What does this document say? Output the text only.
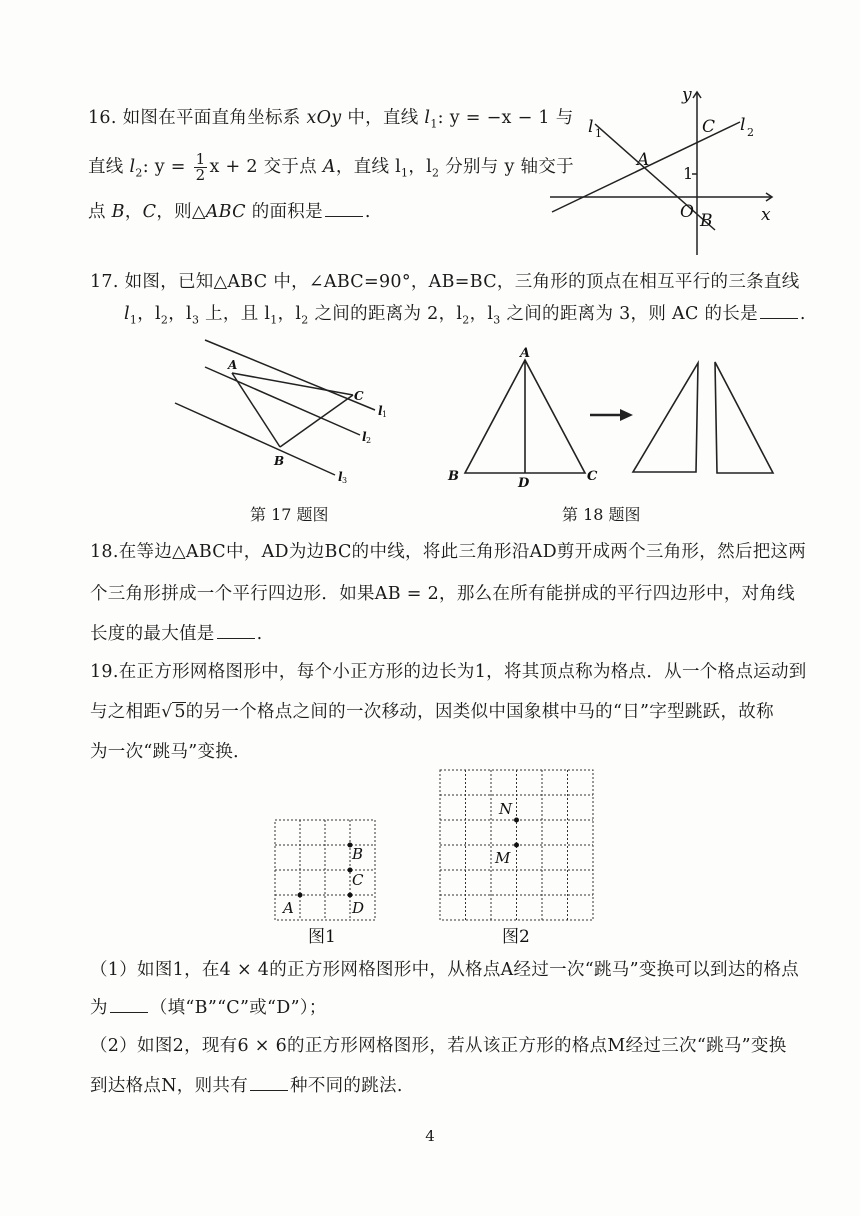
16. 如图在平面直角坐标系 xOy 中，直线 $l_1$: y = −x − 1 与
直线 $l_2$: $y = \frac{1}{2}$ x + 2 交于点 A，直线 $l_1$，$l_2$ 分别与 y 轴交于
点 B，C，则△ABC 的面积是 .
y
x
C l
l
A
O B
2
1
1
17. 如图，已知△ABC 中，∠ABC=90°，AB=BC，三角形的顶点在相互平行的三条直线
$l_1$，$l_2$，$l_3$ 上，且 $l_1$，$l_2$ 之间的距离为 2，$l_2$，$l_3$ 之间的距离为 3，则 AC 的长是 .
A
C
B
l
l
l
1
2
3
第 17 题图
A
B	C
D
第 18 题图
18.在等边△ABC中，AD为边BC的中线，将此三角形沿AD剪开成两个三角形，然后把这两
个三角形拼成一个平行四边形．如果AB = 2，那么在所有能拼成的平行四边形中，对角线
长度的最大值是 .
19.在正方形网格图形中，每个小正方形的边长为1，将其顶点称为格点．从一个格点运动到
与之相距√ 5的另一个格点之间的一次移动，因类似中国象棋中马的“日”字型跳跃，故称
为一次“跳马”变换．
B
C
A	D
图1
N
M
图2
（1）如图1，在4 × 4的正方形网格图形中，从格点A经过一次“跳马”变换可以到达的格点
为 （填“B”“C”或“D”）；
（2）如图2，现有6 × 6的正方形网格图形，若从该正方形的格点M经过三次“跳马”变换
到达格点N，则共有 种不同的跳法.
4
